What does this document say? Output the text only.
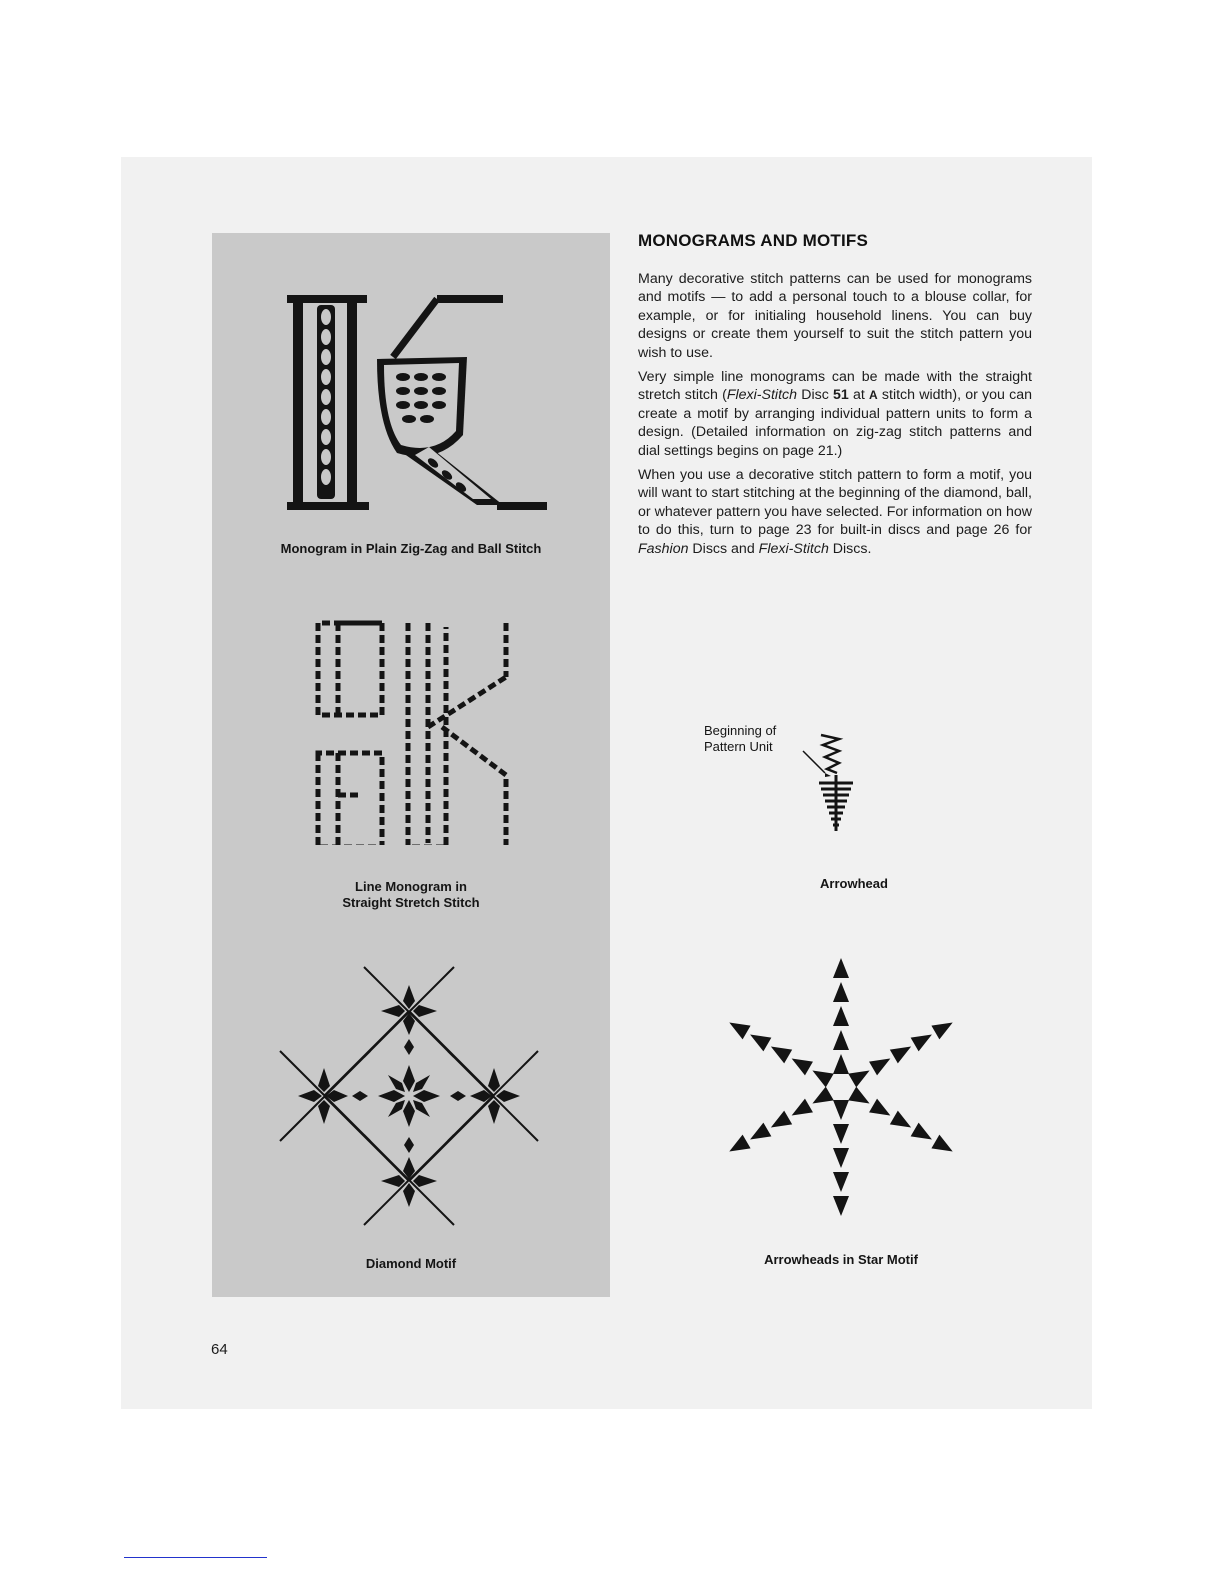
Monogram in Plain Zig-Zag and Ball Stitch
Line Monogram in
Straight Stretch Stitch
Diamond Motif
MONOGRAMS AND MOTIFS

Many decorative stitch patterns can be used for monograms and motifs — to add a personal touch to a blouse collar, for example, or for initialing household linens. You can buy designs or create them yourself to suit the stitch pattern you wish to use.

Very simple line monograms can be made with the straight stretch stitch (Flexi-Stitch Disc 51 at A stitch width), or you can create a motif by arranging individual pattern units to form a design. (Detailed information on zig-zag stitch patterns and dial settings begins on page 21.)

When you use a decorative stitch pattern to form a motif, you will want to start stitching at the beginning of the diamond, ball, or whatever pattern you have selected. For information on how to do this, turn to page 23 for built-in discs and page 26 for Fashion Discs and Flexi-Stitch Discs.

Beginning of
Pattern Unit
Arrowhead
Arrowheads in Star Motif
64
